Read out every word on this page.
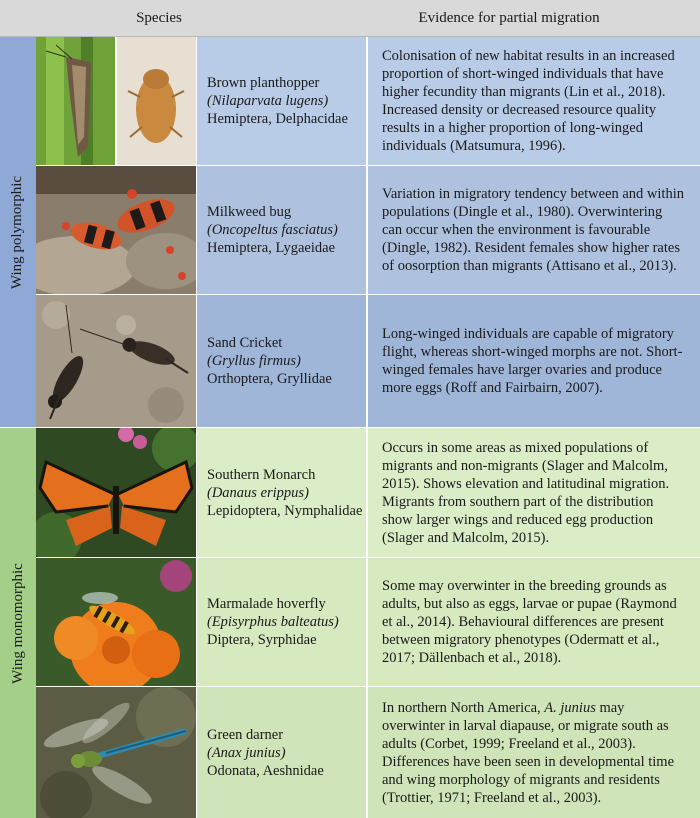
Species	Evidence for partial migration
Wing polymorphic
Wing monomorphic
Brown planthopper
(Nilaparvata lugens)
Hemiptera, Delphacidae
Colonisation of new habitat results in an increased proportion of short-winged individuals that have higher fecundity than migrants (Lin et al., 2018). Increased density or decreased resource quality results in a higher proportion of long-winged individuals (Matsumura, 1996).
Milkweed bug
(Oncopeltus fasciatus)
Hemiptera, Lygaeidae
Variation in migratory tendency between and within populations (Dingle et al., 1980). Overwintering can occur when the environment is favourable (Dingle, 1982). Resident females show higher rates of oosorption than migrants (Attisano et al., 2013).
Sand Cricket
(Gryllus firmus)
Orthoptera, Gryllidae
Long-winged individuals are capable of migratory flight, whereas short-winged morphs are not. Short-winged females have larger ovaries and produce more eggs (Roff and Fairbairn, 2007).
Southern Monarch
(Danaus erippus)
Lepidoptera, Nymphalidae
Occurs in some areas as mixed populations of migrants and non-migrants (Slager and Malcolm, 2015). Shows elevation and latitudinal migration. Migrants from southern part of the distribution show larger wings and reduced egg production (Slager and Malcolm, 2015).
Marmalade hoverfly
(Episyrphus balteatus)
Diptera, Syrphidae
Some may overwinter in the breeding grounds as adults, but also as eggs, larvae or pupae (Raymond et al., 2014). Behavioural differences are present between migratory phenotypes (Odermatt et al., 2017; Dällenbach et al., 2018).
Green darner
(Anax junius)
Odonata, Aeshnidae
In northern North America, A. junius may overwinter in larval diapause, or migrate south as adults (Corbet, 1999; Freeland et al., 2003). Differences have been seen in developmental time and wing morphology of migrants and residents (Trottier, 1971; Freeland et al., 2003).
